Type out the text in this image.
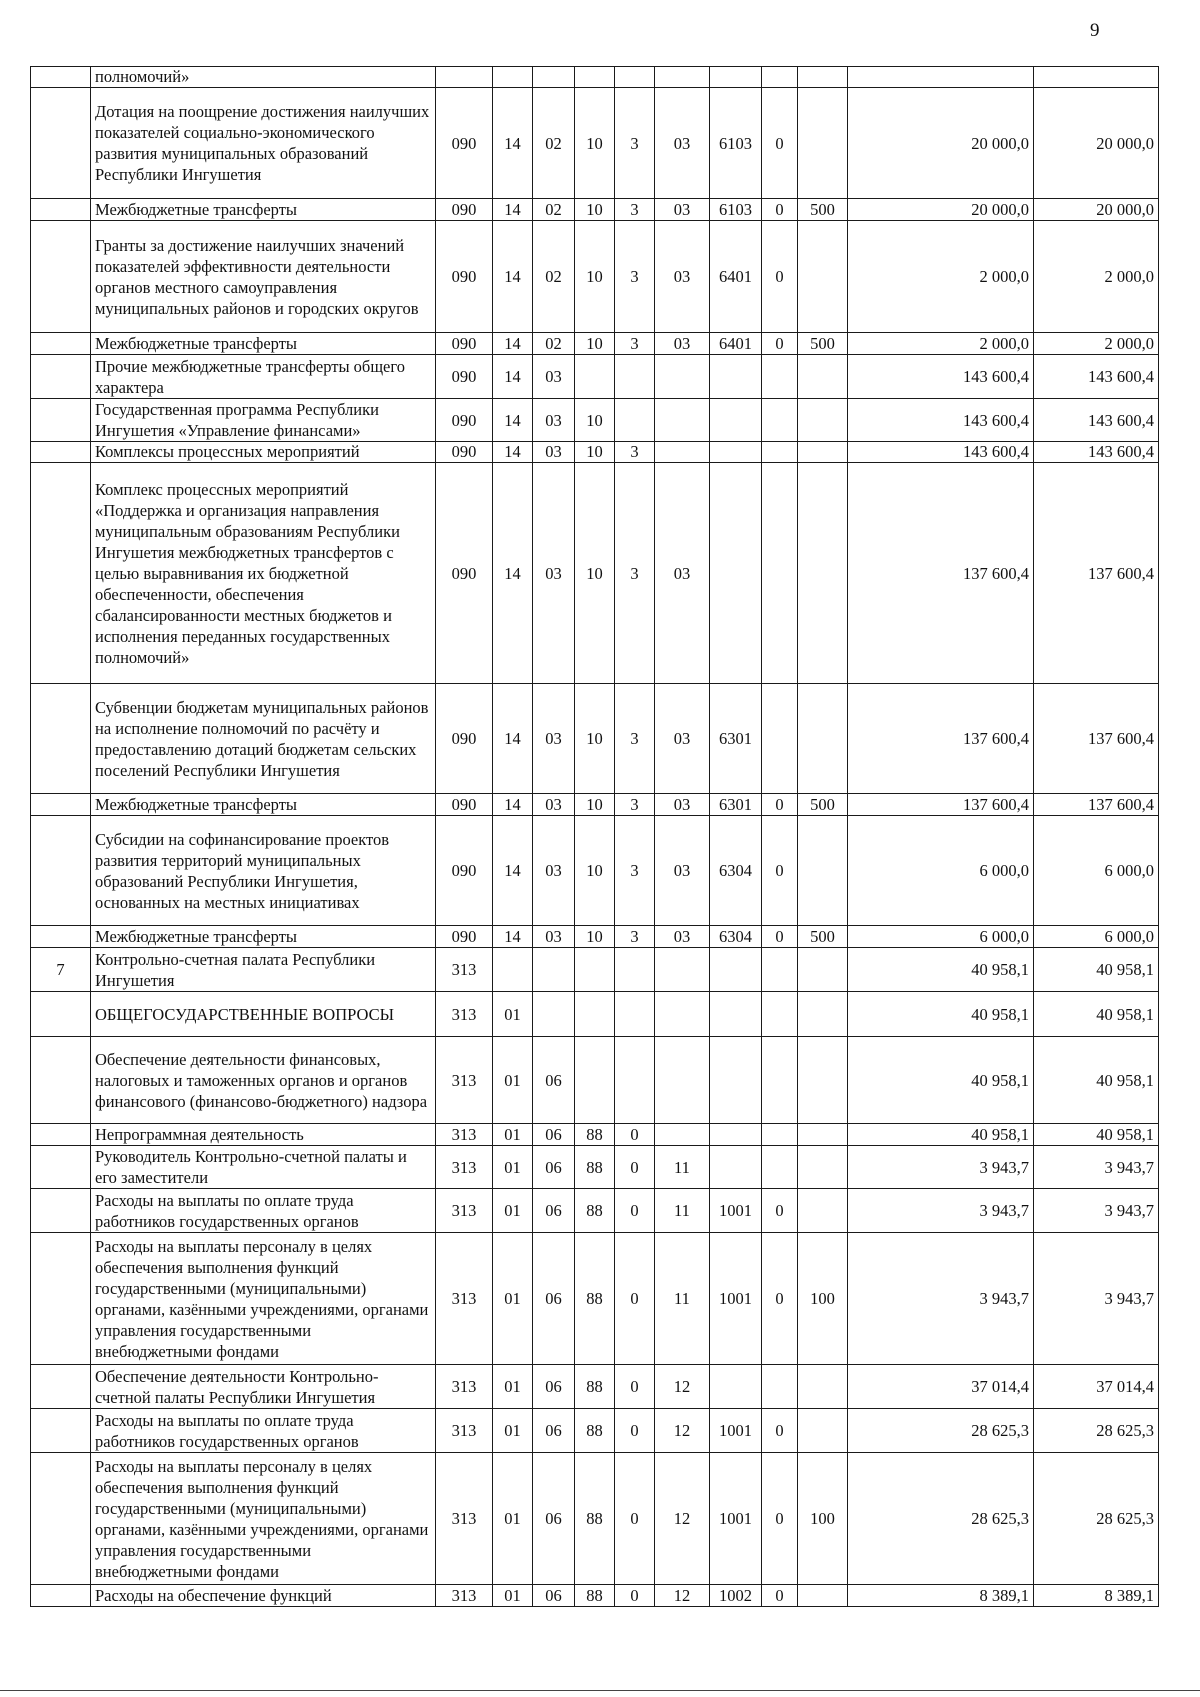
9
	полномочий»											
	Дотация на поощрение достижения наилучших показателей социально-экономического развития муниципальных образований Республики Ингушетия	090	14	02	10	3	03	6103	0		20 000,0	20 000,0
	Межбюджетные трансферты	090	14	02	10	3	03	6103	0	500	20 000,0	20 000,0
	Гранты за достижение наилучших значений показателей эффективности деятельности органов местного самоуправления муниципальных районов и городских округов	090	14	02	10	3	03	6401	0		2 000,0	2 000,0
	Межбюджетные трансферты	090	14	02	10	3	03	6401	0	500	2 000,0	2 000,0
	Прочие межбюджетные трансферты общего характера	090	14	03							143 600,4	143 600,4
	Государственная программа Республики Ингушетия «Управление финансами»	090	14	03	10						143 600,4	143 600,4
	Комплексы процессных мероприятий	090	14	03	10	3					143 600,4	143 600,4
	Комплекс процессных мероприятий «Поддержка и организация направления муниципальным образованиям Республики Ингушетия межбюджетных трансфертов с целью выравнивания их бюджетной обеспеченности, обеспечения сбалансированности местных бюджетов и исполнения переданных государственных полномочий»	090	14	03	10	3	03				137 600,4	137 600,4
	Субвенции бюджетам муниципальных районов на исполнение полномочий по расчёту и предоставлению дотаций бюджетам сельских поселений Республики Ингушетия	090	14	03	10	3	03	6301			137 600,4	137 600,4
	Межбюджетные трансферты	090	14	03	10	3	03	6301	0	500	137 600,4	137 600,4
	Субсидии на софинансирование проектов развития территорий муниципальных образований Республики Ингушетия, основанных на местных инициативах	090	14	03	10	3	03	6304	0		6 000,0	6 000,0
	Межбюджетные трансферты	090	14	03	10	3	03	6304	0	500	6 000,0	6 000,0
7	Контрольно-счетная палата Республики Ингушетия	313									40 958,1	40 958,1
	ОБЩЕГОСУДАРСТВЕННЫЕ ВОПРОСЫ	313	01								40 958,1	40 958,1
	Обеспечение деятельности финансовых, налоговых и таможенных органов и органов финансового (финансово-бюджетного) надзора	313	01	06							40 958,1	40 958,1
	Непрограммная деятельность	313	01	06	88	0					40 958,1	40 958,1
	Руководитель Контрольно-счетной палаты и его заместители	313	01	06	88	0	11				3 943,7	3 943,7
	Расходы на выплаты по оплате труда работников государственных органов	313	01	06	88	0	11	1001	0		3 943,7	3 943,7
	Расходы на выплаты персоналу в целях обеспечения выполнения функций государственными (муниципальными) органами, казёнными учреждениями, органами управления государственными внебюджетными фондами	313	01	06	88	0	11	1001	0	100	3 943,7	3 943,7
	Обеспечение деятельности Контрольно-счетной палаты Республики Ингушетия	313	01	06	88	0	12				37 014,4	37 014,4
	Расходы на выплаты по оплате труда работников государственных органов	313	01	06	88	0	12	1001	0		28 625,3	28 625,3
	Расходы на выплаты персоналу в целях обеспечения выполнения функций государственными (муниципальными) органами, казёнными учреждениями, органами управления государственными внебюджетными фондами	313	01	06	88	0	12	1001	0	100	28 625,3	28 625,3
	Расходы на обеспечение функций	313	01	06	88	0	12	1002	0		8 389,1	8 389,1
